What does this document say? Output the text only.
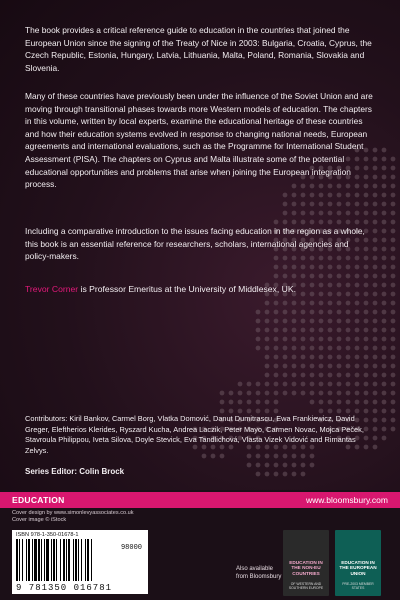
The book provides a critical reference guide to education in the countries that joined the European Union since the signing of the Treaty of Nice in 2003: Bulgaria, Croatia, Cyprus, the Czech Republic, Estonia, Hungary, Latvia, Lithuania, Malta, Poland, Romania, Slovakia and Slovenia.

Many of these countries have previously been under the influence of the Soviet Union and are moving through transitional phases towards more Western models of education. The chapters in this volume, written by local experts, examine the educational heritage of these countries and how their education systems evolved in response to changing national needs, European agreements and international evaluations, such as the Programme for International Student Assessment (PISA). The chapters on Cyprus and Malta illustrate some of the potential educational opportunities and problems that arise when joining the European integration process.

Including a comparative introduction to the issues facing education in the region as a whole, this book is an essential reference for researchers, scholars, international agencies and policy-makers.

Trevor Corner is Professor Emeritus at the University of Middlesex, UK.

Contributors: Kiril Bankov, Carmel Borg, Vlatka Domović, Danut Dumitrascu, Ewa Frankiewicz, David Greger, Eleftherios Klerides, Ryszard Kucha, Andrea Laczik, Peter Mayo, Carmen Novac, Mojca Peček, Stavroula Philippou, Iveta Silova, Doyle Stevick, Eva Tandlichová, Vlasta Vizek Vidović and Rimantas Zelvys.

Series Editor: Colin Brock

EDUCATION	www.bloomsbury.com
Cover design by www.simonlevyassociates.co.uk
Cover image © iStock
ISBN 978-1-350-01678-1
98000
9 781350 016781
Also available
from Bloomsbury
EDUCATION IN THE NON-EU COUNTRIES
OF WESTERN AND SOUTHERN EUROPE
EDUCATION IN THE EUROPEAN UNION
PRE-2003 MEMBER STATES
